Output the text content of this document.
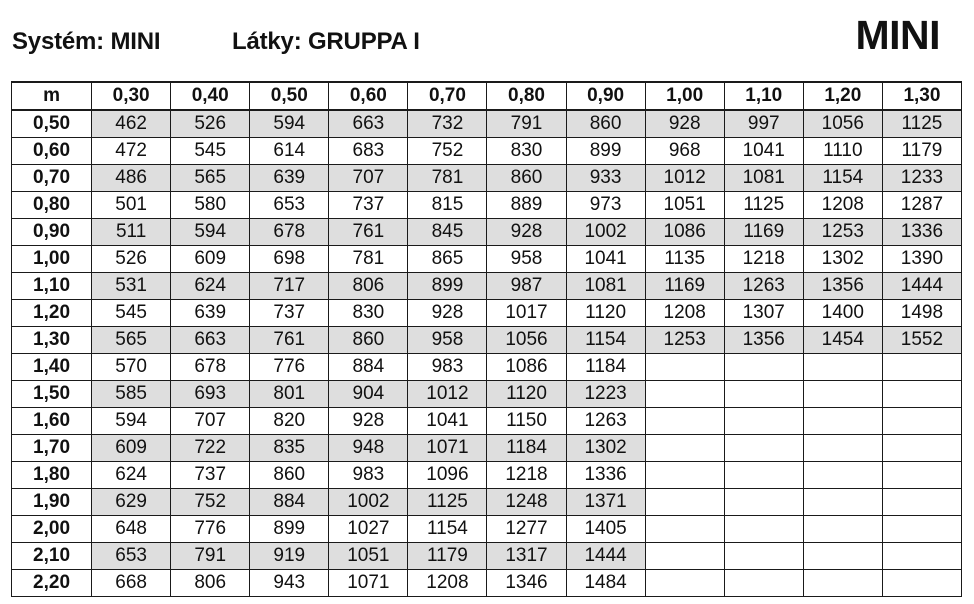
Systém: MINI	Látky: GRUPPA I	MINI
m	0,30	0,40	0,50	0,60	0,70	0,80	0,90	1,00	1,10	1,20	1,30
0,50	462	526	594	663	732	791	860	928	997	1056	1125
0,60	472	545	614	683	752	830	899	968	1041	1110	1179
0,70	486	565	639	707	781	860	933	1012	1081	1154	1233
0,80	501	580	653	737	815	889	973	1051	1125	1208	1287
0,90	511	594	678	761	845	928	1002	1086	1169	1253	1336
1,00	526	609	698	781	865	958	1041	1135	1218	1302	1390
1,10	531	624	717	806	899	987	1081	1169	1263	1356	1444
1,20	545	639	737	830	928	1017	1120	1208	1307	1400	1498
1,30	565	663	761	860	958	1056	1154	1253	1356	1454	1552
1,40	570	678	776	884	983	1086	1184				
1,50	585	693	801	904	1012	1120	1223				
1,60	594	707	820	928	1041	1150	1263				
1,70	609	722	835	948	1071	1184	1302				
1,80	624	737	860	983	1096	1218	1336				
1,90	629	752	884	1002	1125	1248	1371				
2,00	648	776	899	1027	1154	1277	1405				
2,10	653	791	919	1051	1179	1317	1444				
2,20	668	806	943	1071	1208	1346	1484				
